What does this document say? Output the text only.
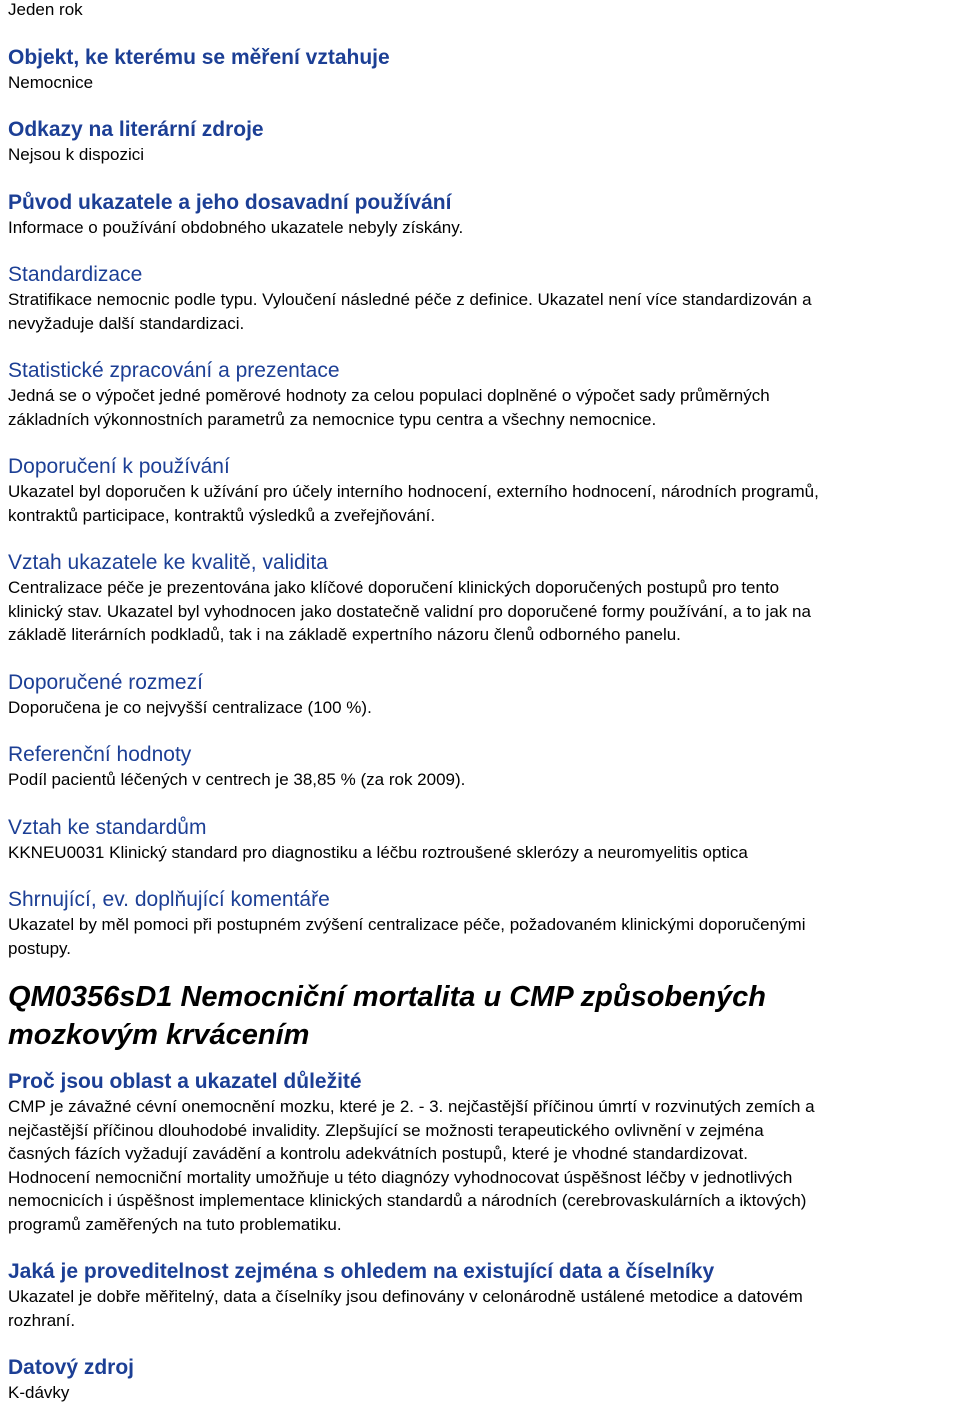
Jeden rok

Objekt, ke kterému se měření vztahuje

Nemocnice

Odkazy na literární zdroje

Nejsou k dispozici

Původ ukazatele a jeho dosavadní používání

Informace o používání obdobného ukazatele nebyly získány.

Standardizace

Stratifikace nemocnic podle typu. Vyloučení následné péče z definice. Ukazatel není více standardizován a

nevyžaduje další standardizaci.

Statistické zpracování a prezentace

Jedná se o výpočet jedné poměrové hodnoty za celou populaci doplněné o výpočet sady průměrných

základních výkonnostních parametrů za nemocnice typu centra a všechny nemocnice.

Doporučení k používání

Ukazatel byl doporučen k užívání pro účely interního hodnocení, externího hodnocení, národních programů,

kontraktů participace, kontraktů výsledků a zveřejňování.

Vztah ukazatele ke kvalitě, validita

Centralizace péče je prezentována jako klíčové doporučení klinických doporučených postupů pro tento

klinický stav. Ukazatel byl vyhodnocen jako dostatečně validní pro doporučené formy používání, a to jak na

základě literárních podkladů, tak i na základě expertního názoru členů odborného panelu.

Doporučené rozmezí

Doporučena je co nejvyšší centralizace (100 %).

Referenční hodnoty

Podíl pacientů léčených v centrech je 38,85 % (za rok 2009).

Vztah ke standardům

KKNEU0031 Klinický standard pro diagnostiku a léčbu roztroušené sklerózy a neuromyelitis optica

Shrnující, ev. doplňující komentáře

Ukazatel by měl pomoci při postupném zvýšení centralizace péče, požadovaném klinickými doporučenými

postupy.

QM0356sD1 Nemocniční mortalita u CMP způsobených

mozkovým krvácením

Proč jsou oblast a ukazatel důležité

CMP je závažné cévní onemocnění mozku, které je 2. - 3. nejčastější příčinou úmrtí v rozvinutých zemích a

nejčastější příčinou dlouhodobé invalidity. Zlepšující se možnosti terapeutického ovlivnění v zejména

časných fázích vyžadují zavádění a kontrolu adekvátních postupů, které je vhodné standardizovat.

Hodnocení nemocniční mortality umožňuje u této diagnózy vyhodnocovat úspěšnost léčby v jednotlivých

nemocnicích i úspěšnost implementace klinických standardů a národních (cerebrovaskulárních a iktových)

programů zaměřených na tuto problematiku.

Jaká je proveditelnost zejména s ohledem na existující data a číselníky

Ukazatel je dobře měřitelný, data a číselníky jsou definovány v celonárodně ustálené metodice a datovém

rozhraní.

Datový zdroj

K-dávky
